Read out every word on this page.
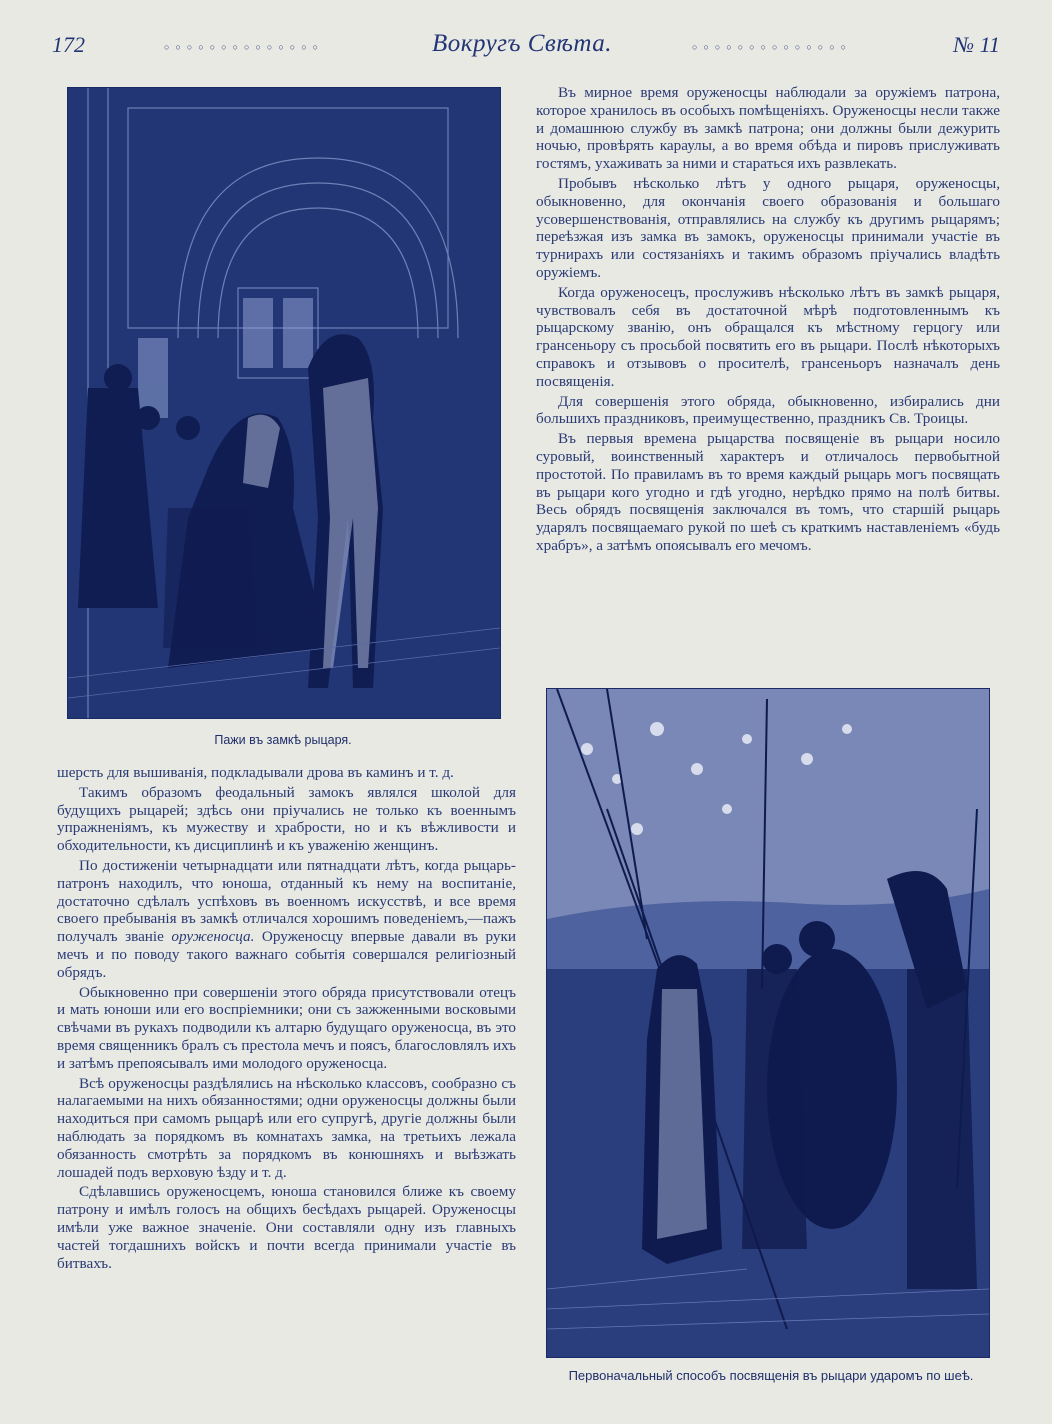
172	○○○○○○○○○○○○○○	Вокругъ Свѣта.	○○○○○○○○○○○○○○	№ 11
Пажи въ замкѣ рыцаря.

Въ мирное время оруженосцы наблюдали за оружіемъ патрона, которое хранилось въ особыхъ помѣщеніяхъ. Оруженосцы несли также и домашнюю службу въ замкѣ патрона; они должны были дежурить ночью, провѣрять караулы, а во время обѣда и пировъ прислуживать гостямъ, ухаживать за ними и стараться ихъ развлекать.

Пробывъ нѣсколько лѣтъ у одного рыцаря, оруженосцы, обыкновенно, для окончанія своего образованія и большаго усовершенствованія, отправлялись на службу къ другимъ рыцарямъ; переѣзжая изъ замка въ замокъ, оруженосцы принимали участіе въ турнирахъ или состязаніяхъ и такимъ образомъ пріучались владѣть оружіемъ.

Когда оруженосецъ, прослуживъ нѣсколько лѣтъ въ замкѣ рыцаря, чувствовалъ себя въ достаточной мѣрѣ подготовленнымъ къ рыцарскому званію, онъ обращался къ мѣстному герцогу или грансеньору съ просьбой посвятить его въ рыцари. Послѣ нѣкоторыхъ справокъ и отзывовъ о просителѣ, грансеньоръ назначалъ день посвященія.

Для совершенія этого обряда, обыкновенно, избирались дни большихъ праздниковъ, преимущественно, праздникъ Св. Троицы.

Въ первыя времена рыцарства посвященіе въ рыцари носило суровый, воинственный характеръ и отличалось первобытной простотой. По правиламъ въ то время каждый рыцарь могъ посвящать въ рыцари кого угодно и гдѣ угодно, нерѣдко прямо на полѣ битвы. Весь обрядъ посвященія заключался въ томъ, что старшій рыцарь ударялъ посвящаемаго рукой по шеѣ съ краткимъ наставленіемъ «будь храбръ», а затѣмъ опоясывалъ его мечомъ.

Первоначальный способъ посвященія въ рыцари ударомъ по шеѣ.

шерсть для вышиванія, подкладывали дрова въ каминъ и т. д.

Такимъ образомъ феодальный замокъ являлся школой для будущихъ рыцарей; здѣсь они пріучались не только къ военнымъ упражненіямъ, къ мужеству и храбрости, но и къ вѣжливости и обходительности, къ дисциплинѣ и къ уваженію женщинъ.

По достиженіи четырнадцати или пятнадцати лѣтъ, когда рыцарь-патронъ находилъ, что юноша, отданный къ нему на воспитаніе, достаточно сдѣлалъ успѣховъ въ военномъ искусствѣ, и все время своего пребыванія въ замкѣ отличался хорошимъ поведеніемъ,—пажъ получалъ званіе оруженосца. Оруженосцу впервые давали въ руки мечъ и по поводу такого важнаго событія совершался религіозный обрядъ.

Обыкновенно при совершеніи этого обряда присутствовали отецъ и мать юноши или его воспріемники; они съ зажженными восковыми свѣчами въ рукахъ подводили къ алтарю будущаго оруженосца, въ это время священникъ бралъ съ престола мечъ и поясъ, благословлялъ ихъ и затѣмъ препоясывалъ ими молодого оруженосца.

Всѣ оруженосцы раздѣлялись на нѣсколько классовъ, сообразно съ налагаемыми на нихъ обязанностями; одни оруженосцы должны были находиться при самомъ рыцарѣ или его супругѣ, другіе должны были наблюдать за порядкомъ въ комнатахъ замка, на третьихъ лежала обязанность смотрѣть за порядкомъ въ конюшняхъ и выѣзжать лошадей подъ верховую ѣзду и т. д.

Сдѣлавшись оруженосцемъ, юноша становился ближе къ своему патрону и имѣлъ голосъ на общихъ бесѣдахъ рыцарей. Оруженосцы имѣли уже важное значеніе. Они составляли одну изъ главныхъ частей тогдашнихъ войскъ и почти всегда принимали участіе въ битвахъ.
